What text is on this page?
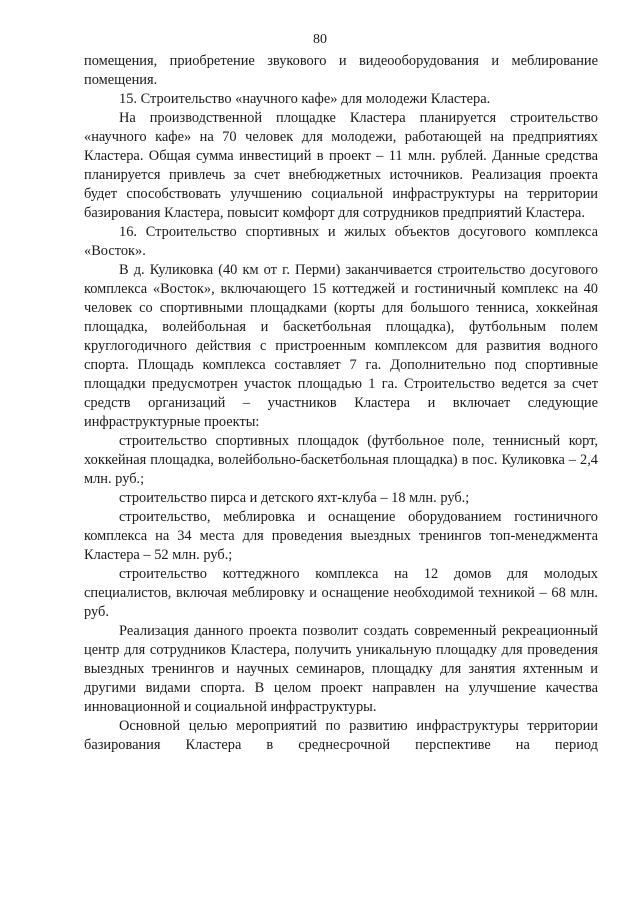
80

помещения, приобретение звукового и видеооборудования и меблирование помещения.

15. Строительство «научного кафе» для молодежи Кластера.

На производственной площадке Кластера планируется строительство «научного кафе» на 70 человек для молодежи, работающей на предприятиях Кластера. Общая сумма инвестиций в проект – 11 млн. рублей. Данные средства планируется привлечь за счет внебюджетных источников. Реализация проекта будет способствовать улучшению социальной инфраструктуры на территории базирования Кластера, повысит комфорт для сотрудников предприятий Кластера.

16. Строительство спортивных и жилых объектов досугового комплекса «Восток».

В д. Куликовка (40 км от г. Перми) заканчивается строительство досугового комплекса «Восток», включающего 15 коттеджей и гостиничный комплекс на 40 человек со спортивными площадками (корты для большого тенниса, хоккейная площадка, волейбольная и баскетбольная площадка), футбольным полем круглогодичного действия с пристроенным комплексом для развития водного спорта. Площадь комплекса составляет 7 га. Дополнительно под спортивные площадки предусмотрен участок площадью 1 га. Строительство ведется за счет средств организаций – участников Кластера и включает следующие инфраструктурные проекты:

строительство спортивных площадок (футбольное поле, теннисный корт, хоккейная площадка, волейбольно-баскетбольная площадка) в пос. Куликовка – 2,4 млн. руб.;

строительство пирса и детского яхт-клуба – 18 млн. руб.;

строительство, меблировка и оснащение оборудованием гостиничного комплекса на 34 места для проведения выездных тренингов топ-менеджмента Кластера – 52 млн. руб.;

строительство коттеджного комплекса на 12 домов для молодых специалистов, включая меблировку и оснащение необходимой техникой – 68 млн. руб.

Реализация данного проекта позволит создать современный рекреационный центр для сотрудников Кластера, получить уникальную площадку для проведения выездных тренингов и научных семинаров, площадку для занятия яхтенным и другими видами спорта. В целом проект направлен на улучшение качества инновационной и социальной инфраструктуры.

Основной целью мероприятий по развитию инфраструктуры территории базирования Кластера в среднесрочной перспективе на период
